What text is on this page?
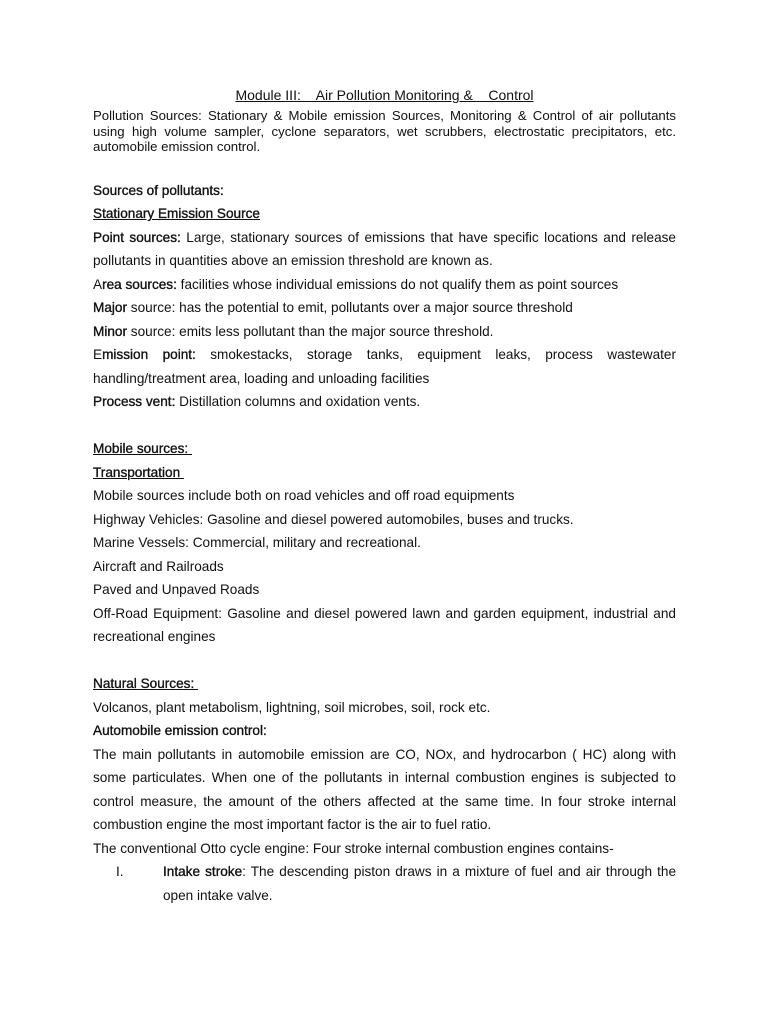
Module III:    Air Pollution Monitoring &    Control

Pollution Sources: Stationary & Mobile emission Sources, Monitoring & Control of air pollutants using high volume sampler, cyclone separators, wet scrubbers, electrostatic precipitators, etc. automobile emission control.

Sources of pollutants:

Stationary Emission Source

Point sources: Large, stationary sources of emissions that have specific locations and release pollutants in quantities above an emission threshold are known as.

Area sources: facilities whose individual emissions do not qualify them as point sources

Major source: has the potential to emit, pollutants over a major source threshold

Minor source: emits less pollutant than the major source threshold.

Emission point: smokestacks, storage tanks, equipment leaks, process wastewater handling/treatment area, loading and unloading facilities

Process vent: Distillation columns and oxidation vents.

Mobile sources:

Transportation

Mobile sources include both on road vehicles and off road equipments

Highway Vehicles: Gasoline and diesel powered automobiles, buses and trucks.

Marine Vessels: Commercial, military and recreational.

Aircraft and Railroads

Paved and Unpaved Roads

Off-Road Equipment: Gasoline and diesel powered lawn and garden equipment, industrial and recreational engines

Natural Sources:

Volcanos, plant metabolism, lightning, soil microbes, soil, rock etc.

Automobile emission control:

The main pollutants in automobile emission are CO, NOx, and hydrocarbon ( HC) along with some particulates. When one of the pollutants in internal combustion engines is subjected to control measure, the amount of the others affected at the same time. In four stroke internal combustion engine the most important factor is the air to fuel ratio.

The conventional Otto cycle engine: Four stroke internal combustion engines contains-

I.	Intake stroke: The descending piston draws in a mixture of fuel and air through the open intake valve.
